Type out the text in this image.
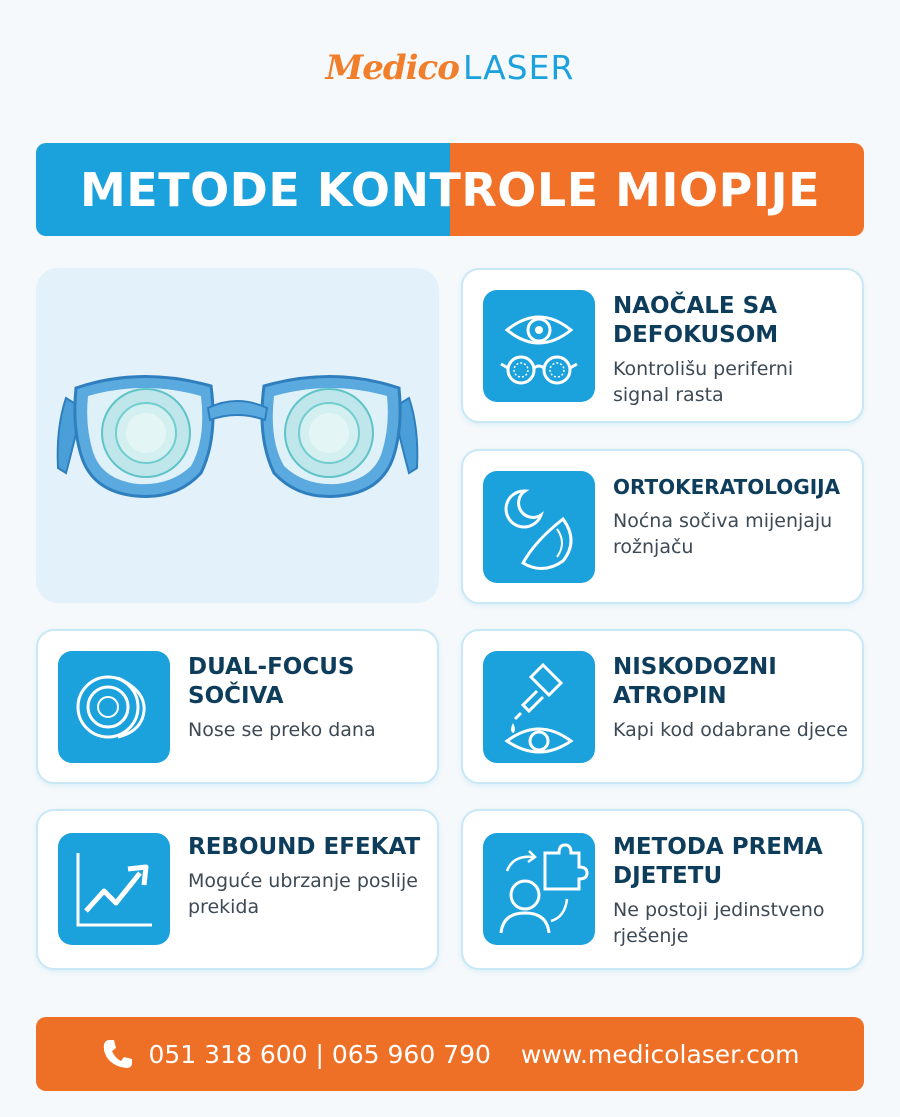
Medico LASER
METODE KONTROLE MIOPIJE
NAOČALE SA DEFOKUSOM
Kontrolišu periferni signal rasta
ORTOKERATOLOGIJA
Noćna sočiva mijenjaju rožnjaču
DUAL-FOCUS SOČIVA
Nose se preko dana
NISKODOZNI ATROPIN
Kapi kod odabrane djece
REBOUND EFEKAT
Moguće ubrzanje poslije prekida
METODA PREMA DJETETU
Ne postoji jedinstveno rješenje
051 318 600 | 065 960 790 www.medicolaser.com
